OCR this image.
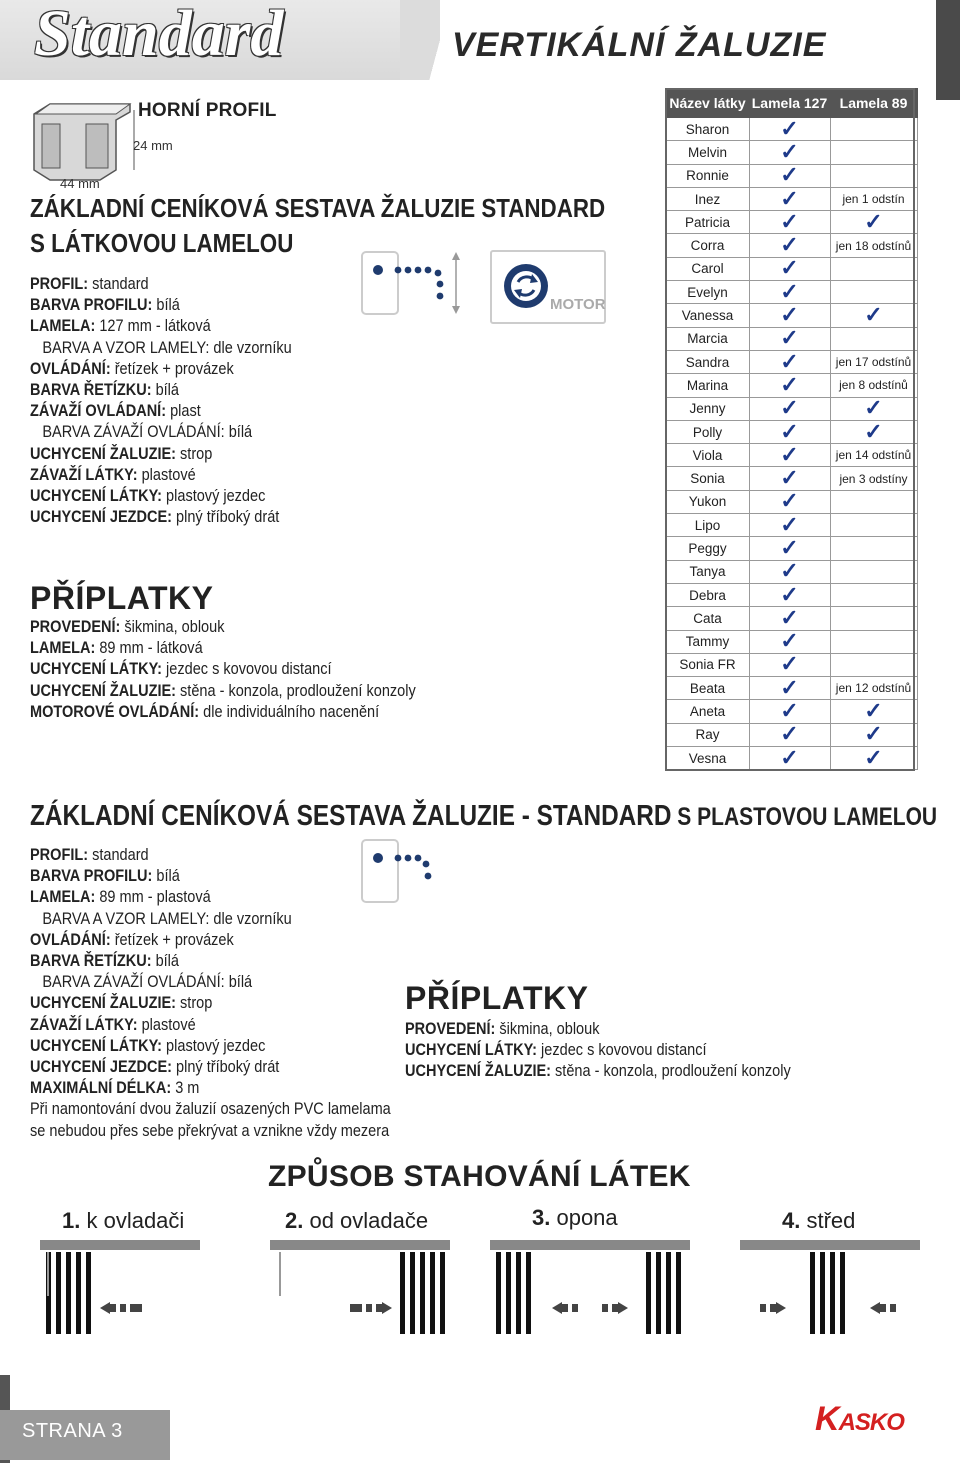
Standard	VERTIKÁLNÍ ŽALUZIE
HORNÍ PROFIL
24 mm
44 mm
ZÁKLADNÍ CENÍKOVÁ SESTAVA ŽALUZIE STANDARD
S LÁTKOVOU LAMELOU
PROFIL: standard
BARVA PROFILU: bílá
LAMELA: 127 mm - látková
BARVA A VZOR LAMELY: dle vzorníku
OVLÁDÁNÍ: řetízek + provázek
BARVA ŘETÍZKU: bílá
ZÁVAŽÍ OVLÁDANÍ: plast
BARVA ZÁVAŽÍ OVLÁDÁNÍ: bílá
UCHYCENÍ ŽALUZIE: strop
ZÁVAŽÍ LÁTKY: plastové
UCHYCENÍ LÁTKY: plastový jezdec
UCHYCENÍ JEZDCE: plný tříboký drát
PŘÍPLATKY
PROVEDENÍ: šikmina, oblouk
LAMELA: 89 mm - látková
UCHYCENÍ LÁTKY: jezdec s kovovou distancí
UCHYCENÍ ŽALUZIE: stěna - konzola, prodloužení konzoly
MOTOROVÉ OVLÁDÁNÍ: dle individuálního nacenění
MOTOR
Název látky	Lamela 127	Lamela 89
Sharon	✓	
Melvin	✓	
Ronnie	✓	
Inez	✓	jen 1 odstín
Patricia	✓	✓
Corra	✓	jen 18 odstínů
Carol	✓	
Evelyn	✓	
Vanessa	✓	✓
Marcia	✓	
Sandra	✓	jen 17 odstínů
Marina	✓	jen 8 odstínů
Jenny	✓	✓
Polly	✓	✓
Viola	✓	jen 14 odstínů
Sonia	✓	jen 3 odstíny
Yukon	✓	
Lipo	✓	
Peggy	✓	
Tanya	✓	
Debra	✓	
Cata	✓	
Tammy	✓	
Sonia FR	✓	
Beata	✓	jen 12 odstínů
Aneta	✓	✓
Ray	✓	✓
Vesna	✓	✓
ZÁKLADNÍ CENÍKOVÁ SESTAVA ŽALUZIE - STANDARD S PLASTOVOU LAMELOU
PROFIL: standard
BARVA PROFILU: bílá
LAMELA: 89 mm - plastová
BARVA A VZOR LAMELY: dle vzorníku
OVLÁDÁNÍ: řetízek + provázek
BARVA ŘETÍZKU: bílá
BARVA ZÁVAŽÍ OVLÁDÁNÍ: bílá
UCHYCENÍ ŽALUZIE: strop
ZÁVAŽÍ LÁTKY: plastové
UCHYCENÍ LÁTKY: plastový jezdec
UCHYCENÍ JEZDCE: plný tříboký drát
MAXIMÁLNÍ DÉLKA: 3 m
Při namontování dvou žaluzií osazených PVC lamelama
se nebudou přes sebe překrývat a vznikne vždy mezera
PŘÍPLATKY
PROVEDENÍ: šikmina, oblouk
UCHYCENÍ LÁTKY: jezdec s kovovou distancí
UCHYCENÍ ŽALUZIE: stěna - konzola, prodloužení konzoly
ZPŮSOB STAHOVÁNÍ LÁTEK
1. k ovladači	2. od ovladače	3. opona	4. střed
STRANA 3	KASKO
